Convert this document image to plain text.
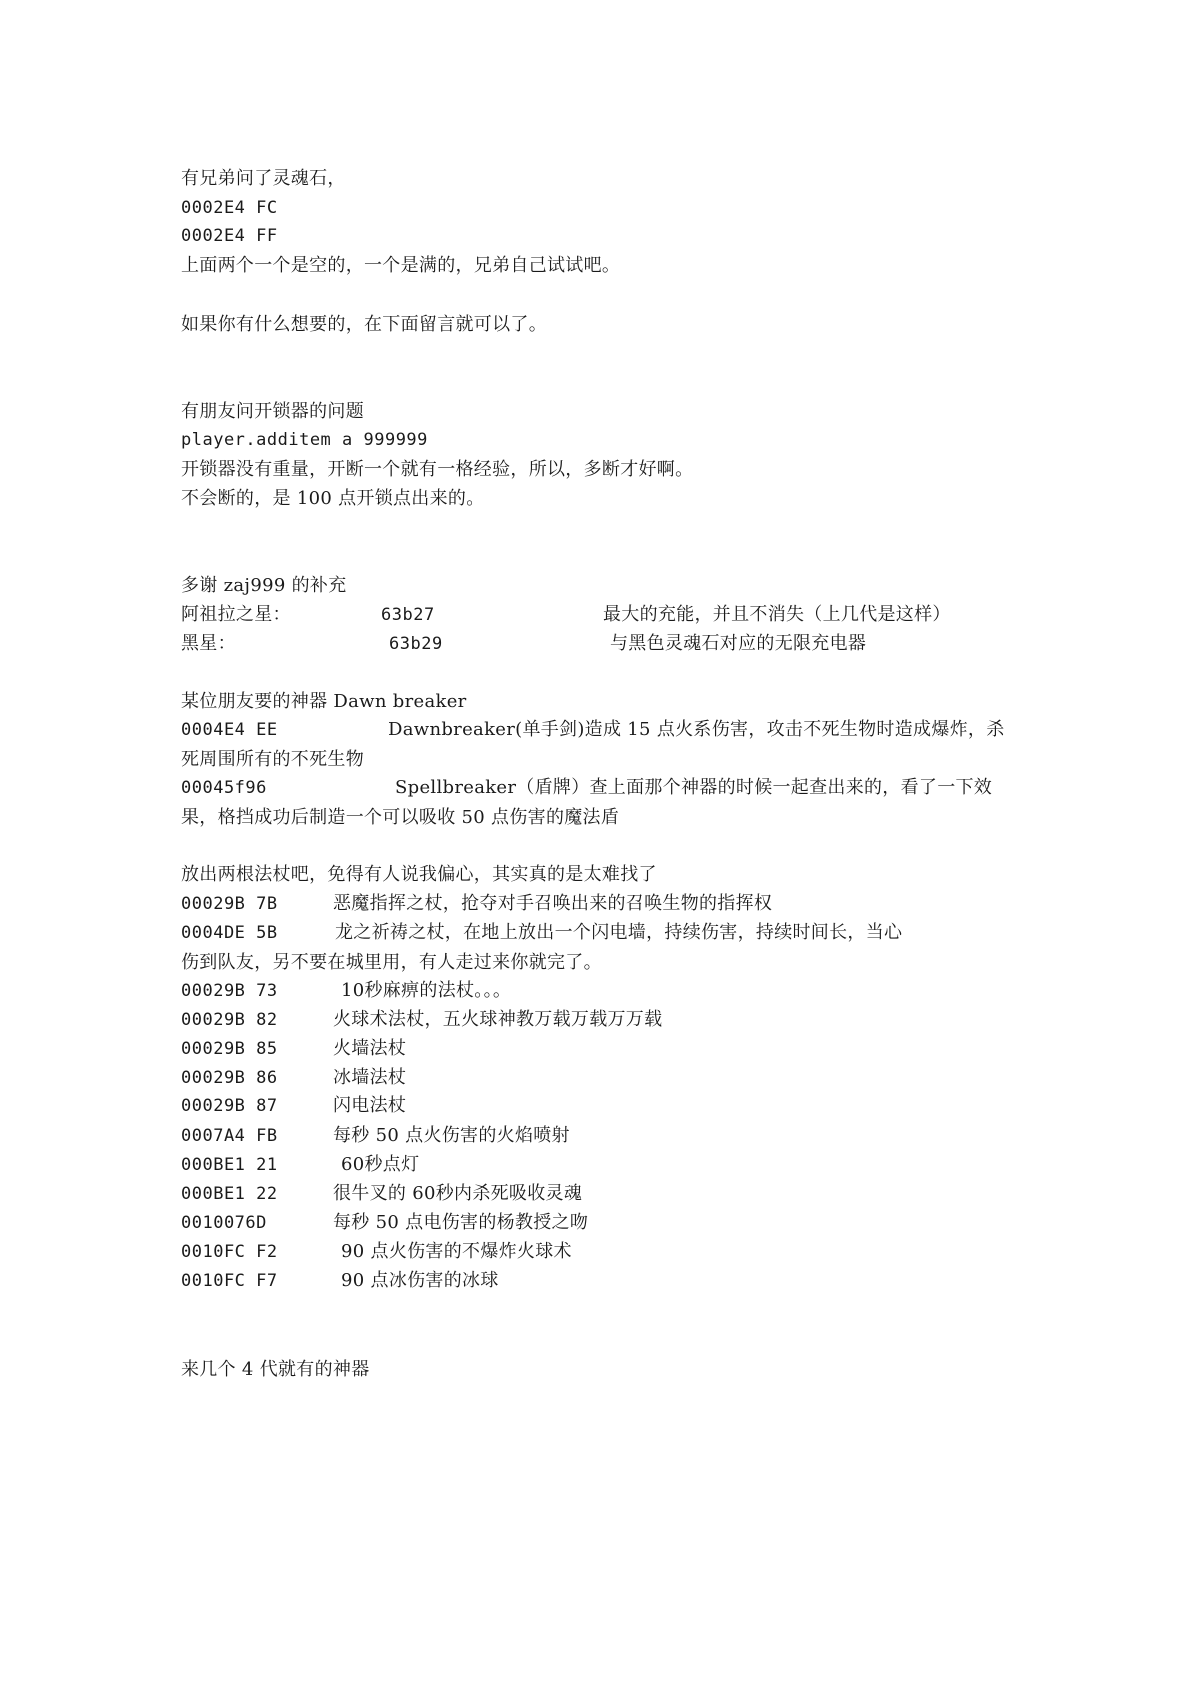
有兄弟问了灵魂石，
0002E4 FC
0002E4 FF
上面两个一个是空的，一个是满的，兄弟自己试试吧。
如果你有什么想要的，在下面留言就可以了。
有朋友问开锁器的问题
player.additem a 999999
开锁器没有重量，开断一个就有一格经验，所以，多断才好啊。
不会断的，是 100 点开锁点出来的。
多谢 zaj999 的补充
阿祖拉之星：	63b27	最大的充能，并且不消失（上几代是这样）
黑星：	63b29	与黑色灵魂石对应的无限充电器
某位朋友要的神器 Dawn breaker
0004E4 EE	Dawnbreaker(单手剑)造成 15 点火系伤害，攻击不死生物时造成爆炸，杀
死周围所有的不死生物
00045f96	Spellbreaker（盾牌）查上面那个神器的时候一起查出来的，看了一下效
果，格挡成功后制造一个可以吸收 50 点伤害的魔法盾
放出两根法杖吧，免得有人说我偏心，其实真的是太难找了
00029B 7B	恶魔指挥之杖，抢夺对手召唤出来的召唤生物的指挥权
0004DE 5B	龙之祈祷之杖，在地上放出一个闪电墙，持续伤害，持续时间长，当心
伤到队友，另不要在城里用，有人走过来你就完了。
00029B 73	10秒麻痹的法杖。。。
00029B 82	火球术法杖，五火球神教万载万载万万载
00029B 85	火墙法杖
00029B 86	冰墙法杖
00029B 87	闪电法杖
0007A4 FB	每秒 50 点火伤害的火焰喷射
000BE1 21	60秒点灯
000BE1 22	很牛叉的 60秒内杀死吸收灵魂
0010076D	每秒 50 点电伤害的杨教授之吻
0010FC F2	90 点火伤害的不爆炸火球术
0010FC F7	90 点冰伤害的冰球
来几个 4 代就有的神器
